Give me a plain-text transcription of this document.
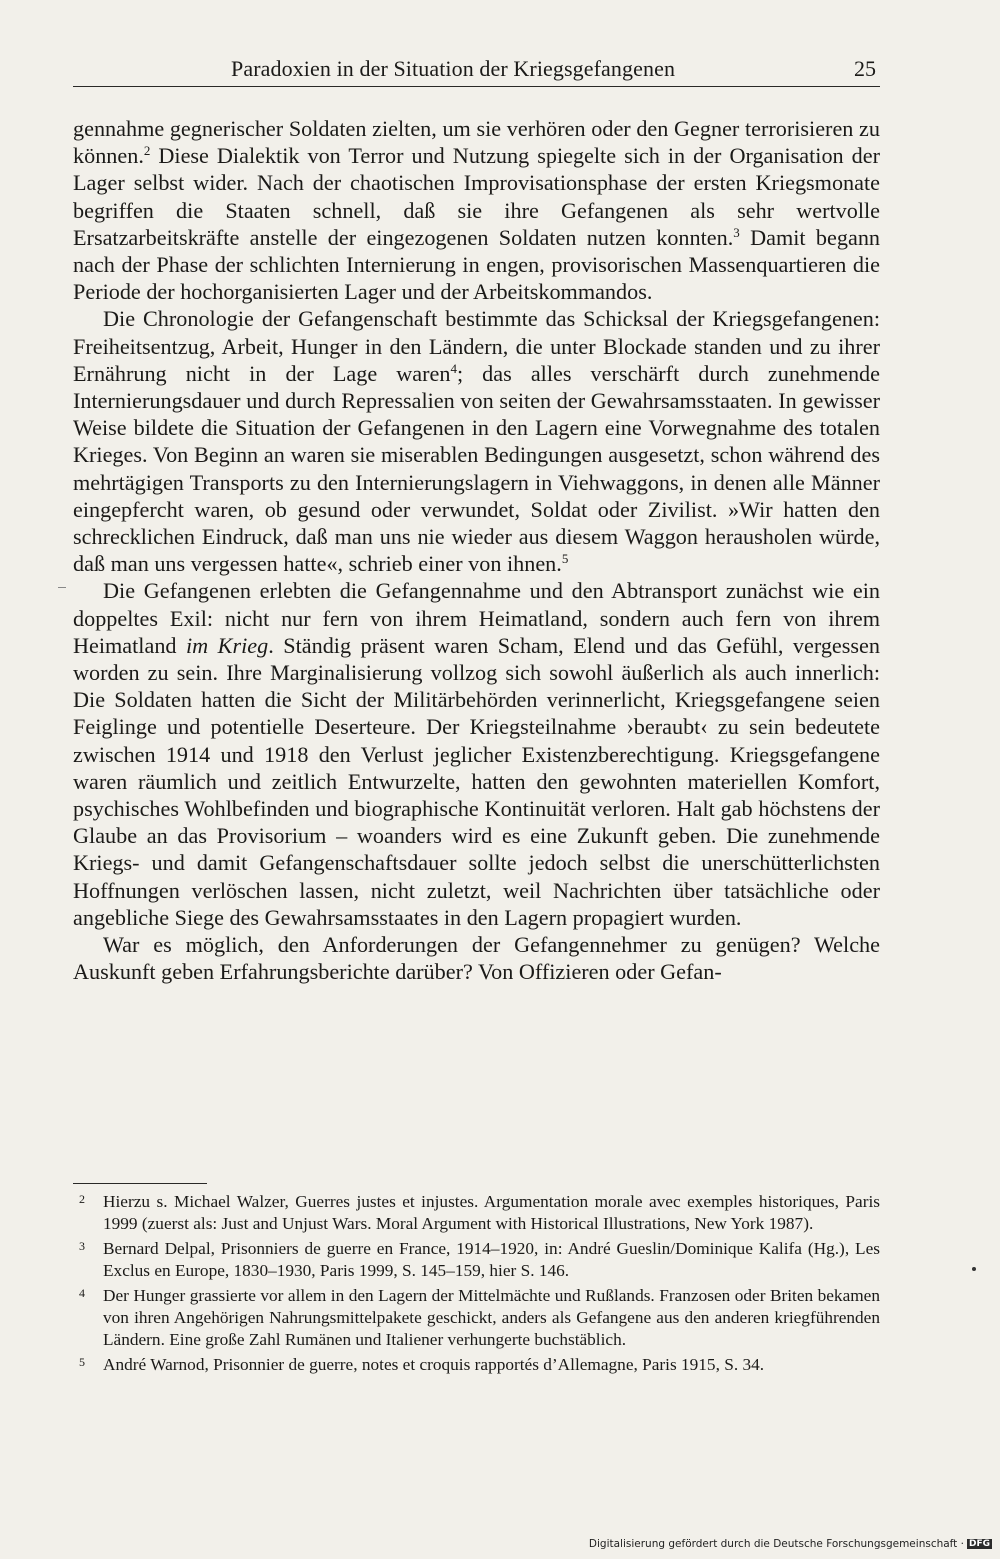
Paradoxien in der Situation der Kriegsgefangenen	25

gennahme gegnerischer Soldaten zielten, um sie verhören oder den Gegner terrorisieren zu können.$^2$ Diese Dialektik von Terror und Nutzung spiegelte sich in der Organisation der Lager selbst wider. Nach der chaotischen Improvisationsphase der ersten Kriegsmonate begriffen die Staaten schnell, daß sie ihre Gefangenen als sehr wertvolle Ersatzarbeitskräfte anstelle der eingezogenen Soldaten nutzen konnten.$^3$ Damit begann nach der Phase der schlichten Internierung in engen, provisorischen Massenquartieren die Periode der hochorganisierten Lager und der Arbeitskommandos.

Die Chronologie der Gefangenschaft bestimmte das Schicksal der Kriegsgefangenen: Freiheitsentzug, Arbeit, Hunger in den Ländern, die unter Blockade standen und zu ihrer Ernährung nicht in der Lage waren$^4$; das alles verschärft durch zunehmende Internierungsdauer und durch Repressalien von seiten der Gewahrsamsstaaten. In gewisser Weise bildete die Situation der Gefangenen in den Lagern eine Vorwegnahme des totalen Krieges. Von Beginn an waren sie miserablen Bedingungen ausgesetzt, schon während des mehrtägigen Transports zu den Internierungslagern in Viehwaggons, in denen alle Männer eingepfercht waren, ob gesund oder verwundet, Soldat oder Zivilist. »Wir hatten den schrecklichen Eindruck, daß man uns nie wieder aus diesem Waggon herausholen würde, daß man uns vergessen hatte«, schrieb einer von ihnen.$^5$

Die Gefangenen erlebten die Gefangennahme und den Abtransport zunächst wie ein doppeltes Exil: nicht nur fern von ihrem Heimatland, sondern auch fern von ihrem Heimatland im Krieg. Ständig präsent waren Scham, Elend und das Gefühl, vergessen worden zu sein. Ihre Marginalisierung vollzog sich sowohl äußerlich als auch innerlich: Die Soldaten hatten die Sicht der Militärbehörden verinnerlicht, Kriegsgefangene seien Feiglinge und potentielle Deserteure. Der Kriegsteilnahme ›beraubt‹ zu sein bedeutete zwischen 1914 und 1918 den Verlust jeglicher Existenzberechtigung. Kriegsgefangene waren räumlich und zeitlich Entwurzelte, hatten den gewohnten materiellen Komfort, psychisches Wohlbefinden und biographische Kontinuität verloren. Halt gab höchstens der Glaube an das Provisorium – woanders wird es eine Zukunft geben. Die zunehmende Kriegs- und damit Gefangenschaftsdauer sollte jedoch selbst die unerschütterlichsten Hoffnungen verlöschen lassen, nicht zuletzt, weil Nachrichten über tatsächliche oder angebliche Siege des Gewahrsamsstaates in den Lagern propagiert wurden.

War es möglich, den Anforderungen der Gefangennehmer zu genügen? Welche Auskunft geben Erfahrungsberichte darüber? Von Offizieren oder Gefan-

2 Hierzu s. Michael Walzer, Guerres justes et injustes. Argumentation morale avec exemples historiques, Paris 1999 (zuerst als: Just and Unjust Wars. Moral Argument with Historical Illustrations, New York 1987).
3 Bernard Delpal, Prisonniers de guerre en France, 1914–1920, in: André Gueslin/Dominique Kalifa (Hg.), Les Exclus en Europe, 1830–1930, Paris 1999, S. 145–159, hier S. 146.
4 Der Hunger grassierte vor allem in den Lagern der Mittelmächte und Rußlands. Franzosen oder Briten bekamen von ihren Angehörigen Nahrungsmittelpakete geschickt, anders als Gefangene aus den anderen kriegführenden Ländern. Eine große Zahl Rumänen und Italiener verhungerte buchstäblich.
5 André Warnod, Prisonnier de guerre, notes et croquis rapportés d’Allemagne, Paris 1915, S. 34.
Digitalisierung gefördert durch die Deutsche Forschungsgemeinschaft · DFG
